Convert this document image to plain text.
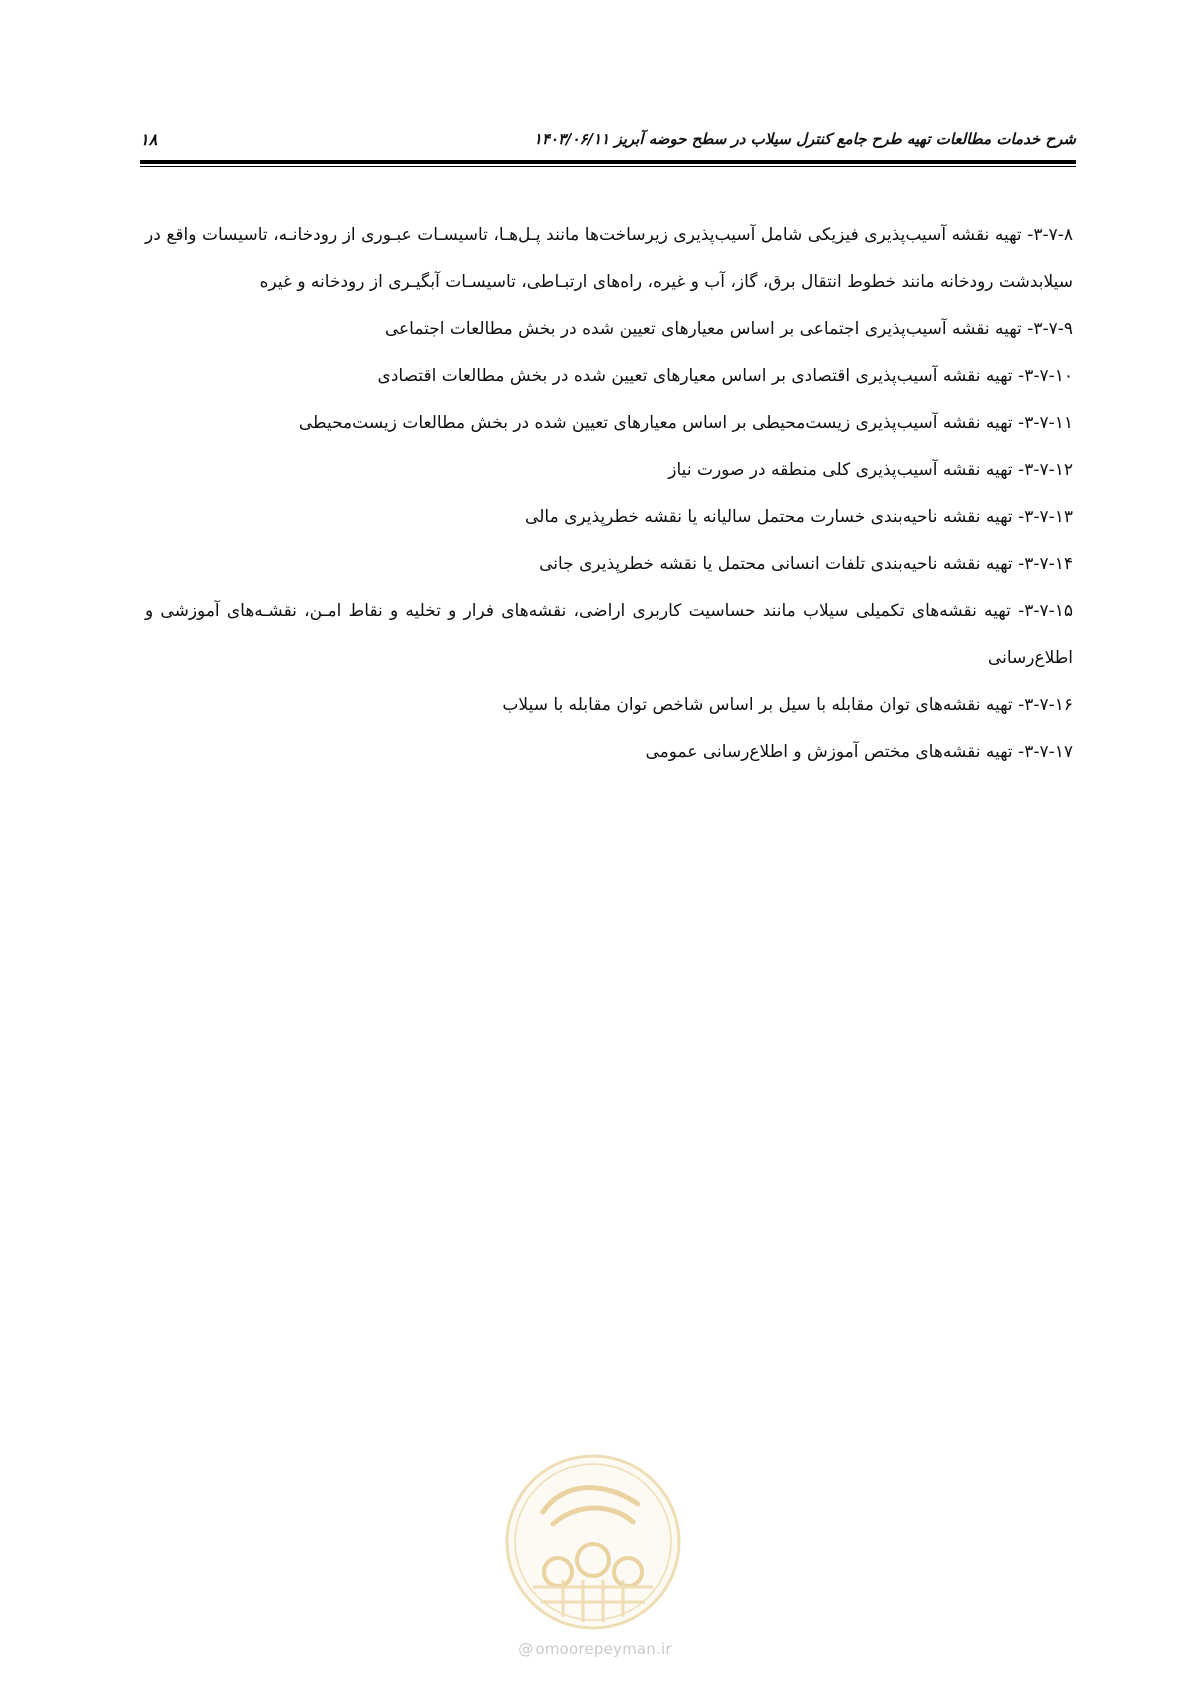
۱۸	شرح خدمات مطالعات تهیه طرح جامع کنترل سیلاب در سطح حوضه آبریز ۱۴۰۳/۰۶/۱۱

۳-۷-۸- تهیه نقشه آسیب‌پذیری فیزیکی شامل آسیب‌پذیری زیرساخت‌ها مانند پـل‌هـا، تاسیسـات عبـوری از رودخانـه، تاسیسات واقع در سیلابدشت رودخانه مانند خطوط انتقال برق، گاز، آب و غیره، راه‌های ارتبـاطی، تاسیسـات آبگیـری از رودخانه و غیره

۳-۷-۹- تهیه نقشه آسیب‌پذیری اجتماعی بر اساس معیارهای تعیین شده در بخش مطالعات اجتماعی

۳-۷-۱۰- تهیه نقشه آسیب‌پذیری اقتصادی بر اساس معیارهای تعیین شده در بخش مطالعات اقتصادی

۳-۷-۱۱- تهیه نقشه آسیب‌پذیری زیست‌محیطی بر اساس معیارهای تعیین شده در بخش مطالعات زیست‌محیطی

۳-۷-۱۲- تهیه نقشه آسیب‌پذیری کلی منطقه در صورت نیاز

۳-۷-۱۳- تهیه نقشه ناحیه‌بندی خسارت محتمل سالیانه یا نقشه خطرپذیری مالی

۳-۷-۱۴- تهیه نقشه ناحیه‌بندی تلفات انسانی محتمل یا نقشه خطرپذیری جانی

۳-۷-۱۵- تهیه نقشه‌های تکمیلی سیلاب مانند حساسیت کاربری اراضی، نقشه‌های فرار و تخلیه و نقاط امـن، نقشـه‌های آموزشی و اطلاع‌رسانی

۳-۷-۱۶- تهیه نقشه‌های توان مقابله با سیل بر اساس شاخص توان مقابله با سیلاب

۳-۷-۱۷- تهیه نقشه‌های مختص آموزش و اطلاع‌رسانی عمومی

@ omoorepeyman.ir
